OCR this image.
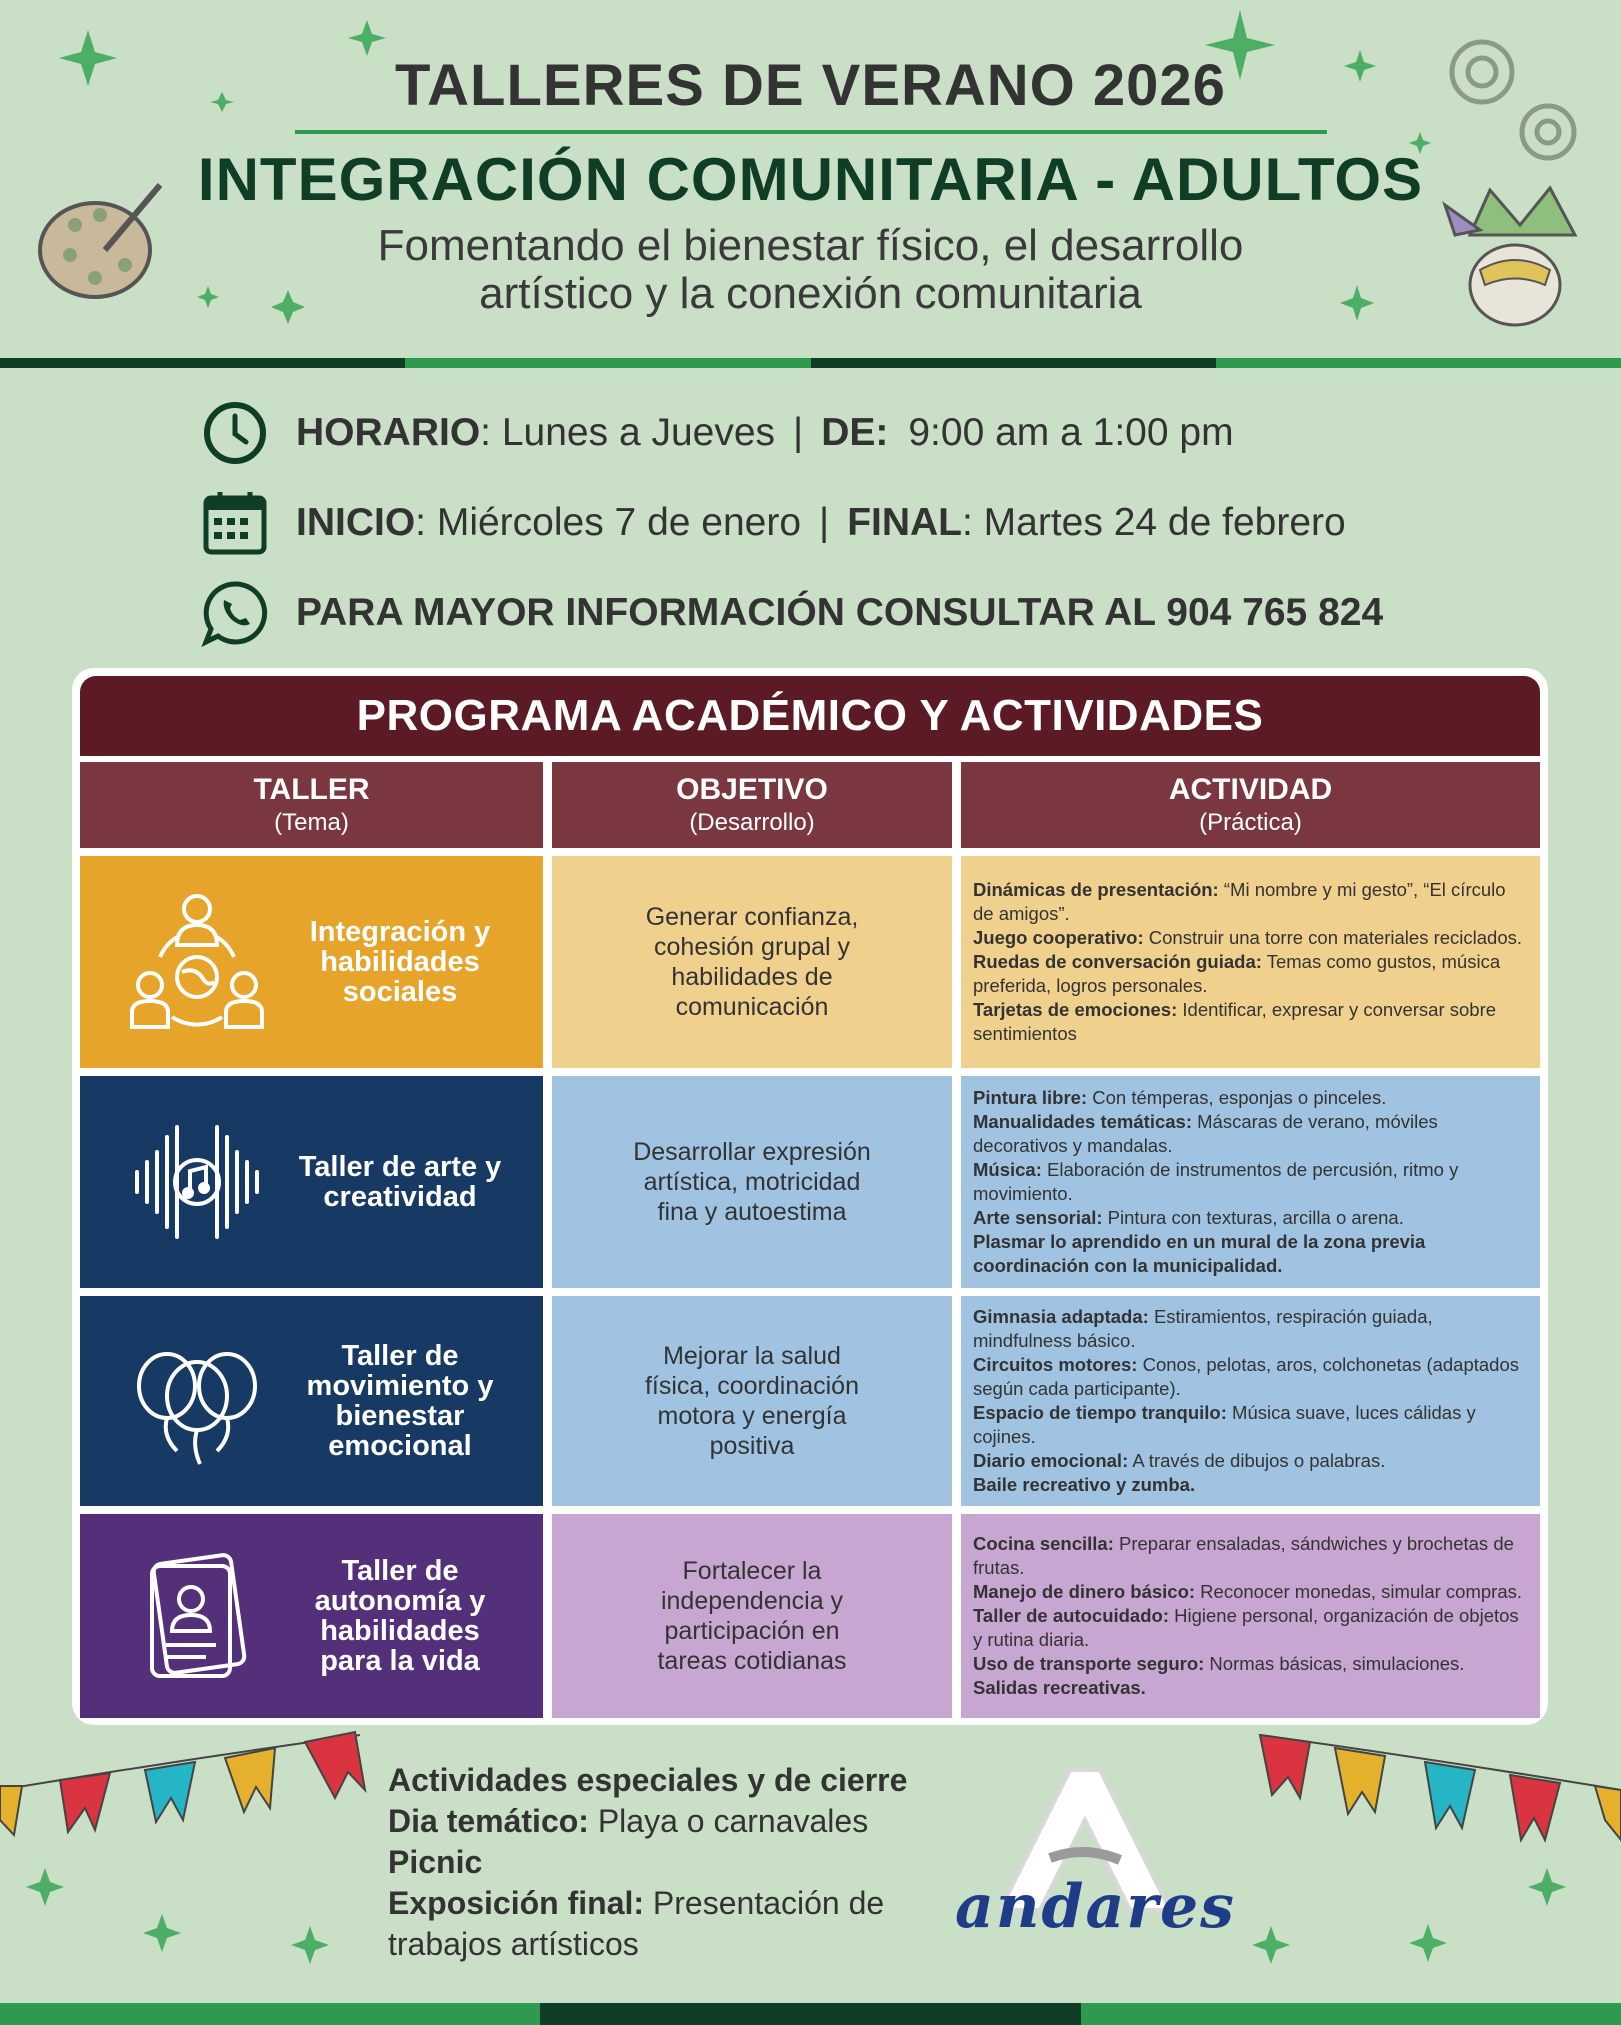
TALLERES DE VERANO 2026
INTEGRACIÓN COMUNITARIA - ADULTOS
Fomentando el bienestar físico, el desarrollo
artístico y la conexión comunitaria
HORARIO : Lunes a Jueves | DE: 9:00 am a 1:00 pm
INICIO : Miércoles 7 de enero | FINAL : Martes 24 de febrero
PARA MAYOR INFORMACIÓN CONSULTAR AL 904 765 824
PROGRAMA ACADÉMICO Y ACTIVIDADES
TALLER
(Tema)
OBJETIVO
(Desarrollo)
ACTIVIDAD
(Práctica)
Integración y habilidades sociales
Generar confianza, cohesión grupal y habilidades de comunicación
Dinámicas de presentación: “Mi nombre y mi gesto”, “El círculo de amigos”.
Juego cooperativo: Construir una torre con materiales reciclados.
Ruedas de conversación guiada: Temas como gustos, música preferida, logros personales.
Tarjetas de emociones: Identificar, expresar y conversar sobre sentimientos
Taller de arte y creatividad
Desarrollar expresión artística, motricidad fina y autoestima
Pintura libre: Con témperas, esponjas o pinceles.
Manualidades temáticas: Máscaras de verano, móviles decorativos y mandalas.
Música: Elaboración de instrumentos de percusión, ritmo y movimiento.
Arte sensorial: Pintura con texturas, arcilla o arena.
Plasmar lo aprendido en un mural de la zona previa coordinación con la municipalidad.
Taller de movimiento y bienestar emocional
Mejorar la salud física, coordinación motora y energía positiva
Gimnasia adaptada: Estiramientos, respiración guiada, mindfulness básico.
Circuitos motores: Conos, pelotas, aros, colchonetas (adaptados según cada participante).
Espacio de tiempo tranquilo: Música suave, luces cálidas y cojines.
Diario emocional: A través de dibujos o palabras.
Baile recreativo y zumba.
Taller de autonomía y habilidades para la vida
Fortalecer la independencia y participación en tareas cotidianas
Cocina sencilla: Preparar ensaladas, sándwiches y brochetas de frutas.
Manejo de dinero básico: Reconocer monedas, simular compras.
Taller de autocuidado: Higiene personal, organización de objetos y rutina diaria.
Uso de transporte seguro: Normas básicas, simulaciones.
Salidas recreativas.
Actividades especiales y de cierre
Dia temático: Playa o carnavales
Picnic
Exposición final: Presentación de
trabajos artísticos
andares
